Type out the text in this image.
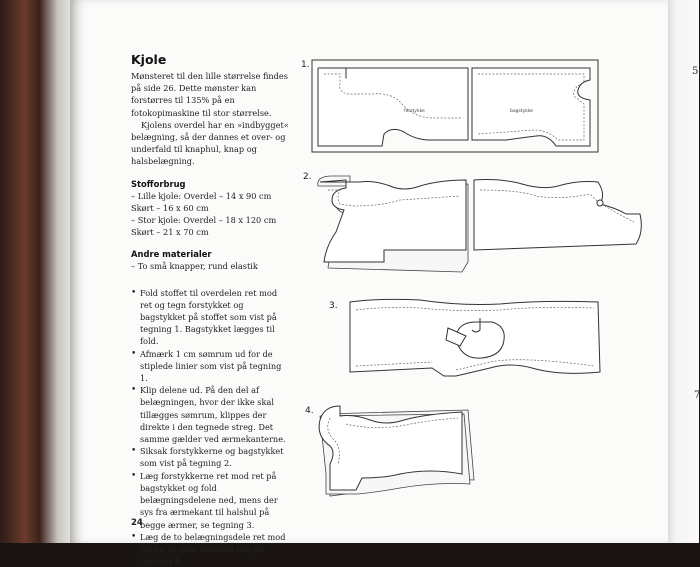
5
7
Kjole

Mønsteret til den lille størrelse findes på side 26. Dette mønster kan forstørres til 135% på en fotokopimaskine til stor størrelse.

Kjolens overdel har en »indbygget« belægning, så der dannes et over- og underfald til knaphul, knap og halsbelægning.

Stofforbrug
– Lille kjole: Overdel – 14 x 90 cm
Skørt – 16 x 60 cm
– Stor kjole: Overdel – 18 x 120 cm
Skørt – 21 x 70 cm
Andre materialer
– To små knapper, rund elastik
• Fold stoffet til overdelen ret mod ret og tegn forstykket og bagstykket på stoffet som vist på tegning 1. Bagstykket lægges til fold.
• Afmærk 1 cm sømrum ud for de stiplede linier som vist på tegning 1.
• Klip delene ud. På den del af belægningen, hvor der ikke skal tillægges sømrum, klippes der direkte i den tegnede streg. Det samme gælder ved ærmekanterne.
• Siksak forstykkerne og bagstykket som vist på tegning 2.
• Læg forstykkerne ret mod ret på bagstykket og fold belægningsdelene ned, mens der sys fra ærmekant til halshul på begge ærmer, se tegning 3.
• Læg de to belægningsdele ret mod ret og sy dem sammen mb, se tegning 4.
24
1.
2.
3.
4.
forstykke	bagstykke
